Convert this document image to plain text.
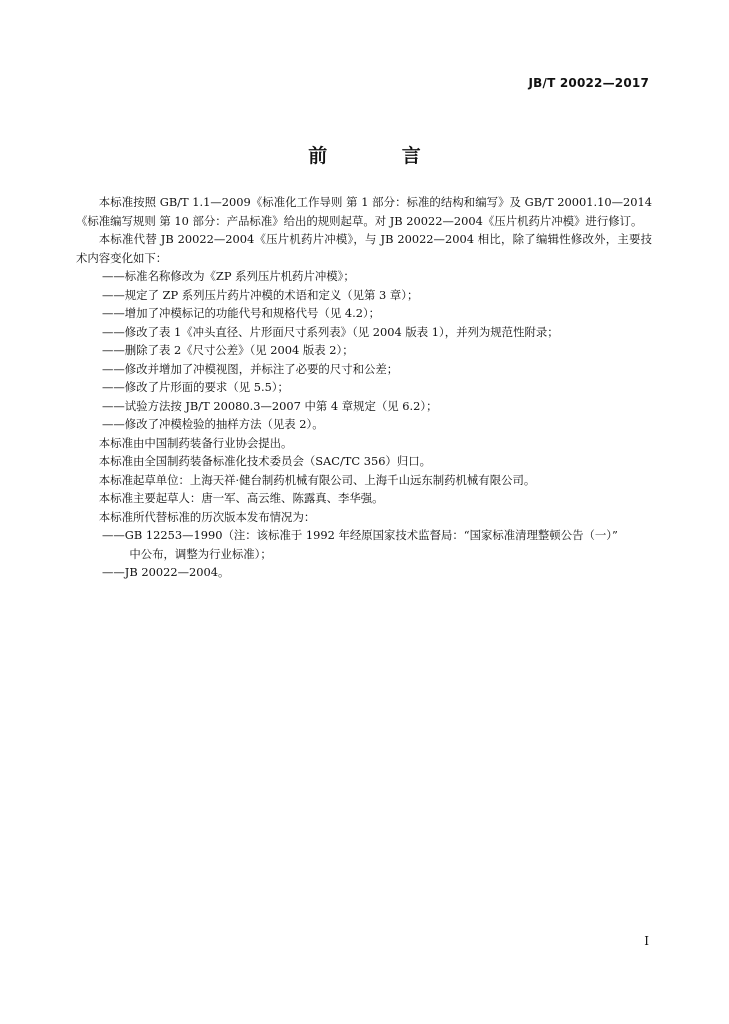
JB/T 20022—2017
前 言

本标准按照 GB/T 1.1—2009《标准化工作导则 第 1 部分：标准的结构和编写》及 GB/T 20001.10—2014《标准编写规则 第 10 部分：产品标准》给出的规则起草。对 JB 20022—2004《压片机药片冲模》进行修订。

本标准代替 JB 20022—2004《压片机药片冲模》，与 JB 20022—2004 相比，除了编辑性修改外，主要技术内容变化如下：

——标准名称修改为《ZP 系列压片机药片冲模》；

——规定了 ZP 系列压片药片冲模的术语和定义（见第 3 章）；

——增加了冲模标记的功能代号和规格代号（见 4.2）；

——修改了表 1《冲头直径、片形面尺寸系列表》（见 2004 版表 1），并列为规范性附录；

——删除了表 2《尺寸公差》（见 2004 版表 2）；

——修改并增加了冲模视图，并标注了必要的尺寸和公差；

——修改了片形面的要求（见 5.5）；

——试验方法按 JB/T 20080.3—2007 中第 4 章规定（见 6.2）；

——修改了冲模检验的抽样方法（见表 2）。

本标准由中国制药装备行业协会提出。

本标准由全国制药装备标准化技术委员会（SAC/TC 356）归口。

本标准起草单位：上海天祥·健台制药机械有限公司、上海千山远东制药机械有限公司。

本标准主要起草人：唐一军、高云维、陈露真、李华强。

本标准所代替标准的历次版本发布情况为：

——GB 12253—1990（注：该标准于 1992 年经原国家技术监督局：“国家标准清理整顿公告（一）”
中公布，调整为行业标准）；

——JB 20022—2004。

I
